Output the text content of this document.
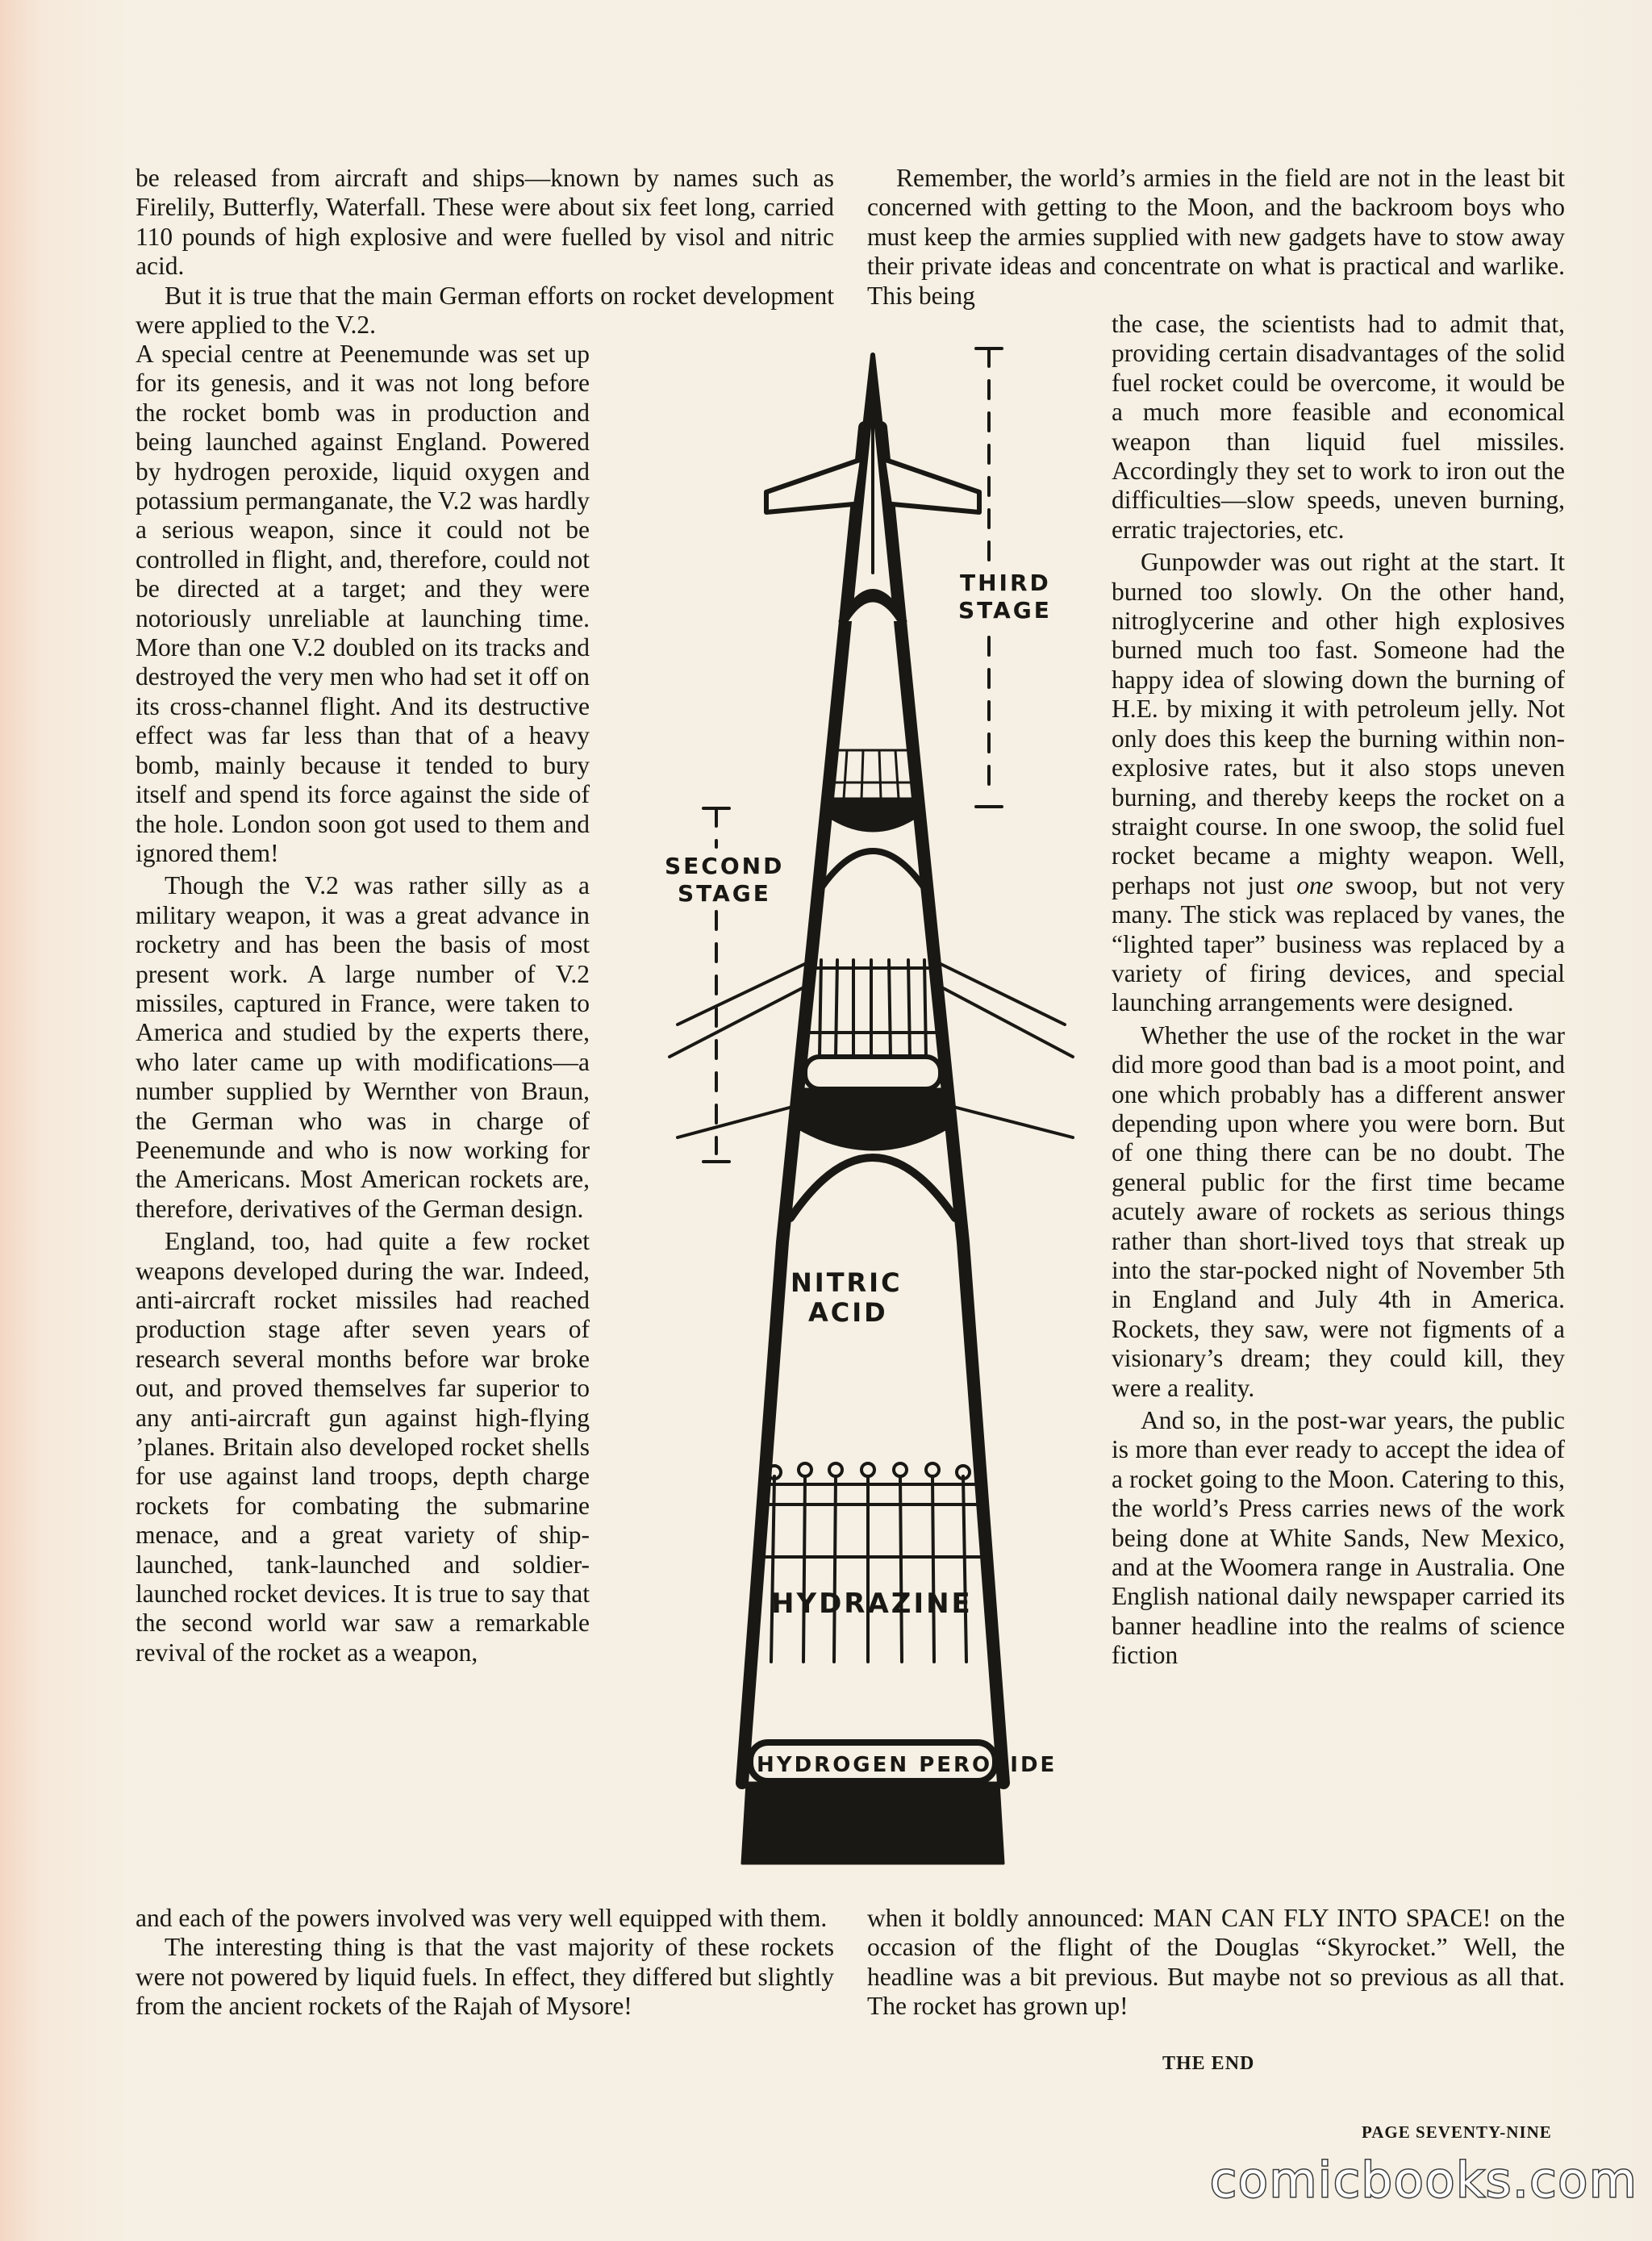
be released from aircraft and ships—known by names such as Firelily, Butterfly, Waterfall. These were about six feet long, carried 110 pounds of high explosive and were fuelled by visol and nitric acid.

But it is true that the main German efforts on rocket development were applied to the V.2.

A special centre at Peenemunde was set up for its genesis, and it was not long before the rocket bomb was in production and being launched against England. Powered by hydrogen peroxide, liquid oxygen and potassium permanganate, the V.2 was hardly a serious weapon, since it could not be controlled in flight, and, therefore, could not be directed at a target; and they were notoriously unreliable at launching time. More than one V.2 doubled on its tracks and destroyed the very men who had set it off on its cross-channel flight. And its destructive effect was far less than that of a heavy bomb, mainly because it tended to bury itself and spend its force against the side of the hole. London soon got used to them and ignored them!

Though the V.2 was rather silly as a military weapon, it was a great advance in rocketry and has been the basis of most present work. A large number of V.2 missiles, captured in France, were taken to America and studied by the experts there, who later came up with modifications—a number supplied by Wernther von Braun, the German who was in charge of Peenemunde and who is now working for the Americans. Most American rockets are, therefore, derivatives of the German design.

England, too, had quite a few rocket weapons developed during the war. Indeed, anti-aircraft rocket missiles had reached production stage after seven years of research several months before war broke out, and proved themselves far superior to any anti-aircraft gun against high-flying ’planes. Britain also developed rocket shells for use against land troops, depth charge rockets for combating the submarine menace, and a great variety of ship-launched, tank-launched and soldier-launched rocket devices. It is true to say that the second world war saw a remarkable revival of the rocket as a weapon,

and each of the powers involved was very well equipped with them.

The interesting thing is that the vast majority of these rockets were not powered by liquid fuels. In effect, they differed but slightly from the ancient rockets of the Rajah of Mysore!

Remember, the world’s armies in the field are not in the least bit concerned with getting to the Moon, and the backroom boys who must keep the armies supplied with new gadgets have to stow away their private ideas and concentrate on what is practical and warlike. This being

the case, the scientists had to admit that, providing certain disadvantages of the solid fuel rocket could be overcome, it would be a much more feasible and economical weapon than liquid fuel missiles. Accordingly they set to work to iron out the difficulties—slow speeds, uneven burning, erratic trajectories, etc.

Gunpowder was out right at the start. It burned too slowly. On the other hand, nitroglycerine and other high explosives burned much too fast. Someone had the happy idea of slowing down the burning of H.E. by mixing it with petroleum jelly. Not only does this keep the burning within non-explosive rates, but it also stops uneven burning, and thereby keeps the rocket on a straight course. In one swoop, the solid fuel rocket became a mighty weapon. Well, perhaps not just one swoop, but not very many. The stick was replaced by vanes, the “lighted taper” business was replaced by a variety of firing devices, and special launching arrangements were designed.

Whether the use of the rocket in the war did more good than bad is a moot point, and one which probably has a different answer depending upon where you were born. But of one thing there can be no doubt. The general public for the first time became acutely aware of rockets as serious things rather than short-lived toys that streak up into the star-pocked night of November 5th in England and July 4th in America. Rockets, they saw, were not figments of a visionary’s dream; they could kill, they were a reality.

And so, in the post-war years, the public is more than ever ready to accept the idea of a rocket going to the Moon. Catering to this, the world’s Press carries news of the work being done at White Sands, New Mexico, and at the Woomera range in Australia. One English national daily newspaper carried its banner headline into the realms of science fiction

when it boldly announced: MAN CAN FLY INTO SPACE! on the occasion of the flight of the Douglas “Skyrocket.” Well, the headline was a bit previous. But maybe not so previous as all that. The rocket has grown up!

THE END
PAGE SEVENTY-NINE
comicbooks.com
THIRD
STAGE
SECOND
STAGE
NITRIC
ACID
HYDRAZINE
HYDROGEN PEROXIDE
